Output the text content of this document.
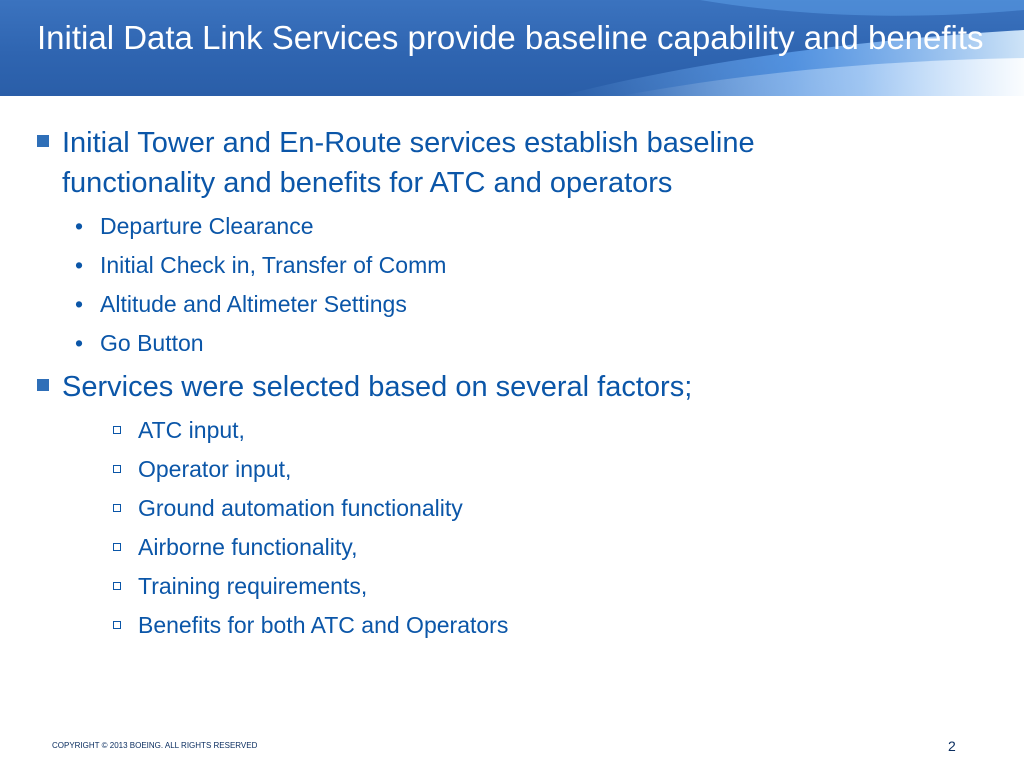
Initial Data Link Services provide baseline capability and benefits
Initial Tower and En-Route services establish baseline
functionality and benefits for ATC and operators
• Departure Clearance
• Initial Check in, Transfer of Comm
• Altitude and Altimeter Settings
• Go Button
Services were selected based on several factors;
ATC input,
Operator input,
Ground automation functionality
Airborne functionality,
Training requirements,
Benefits for both ATC and Operators
COPYRIGHT © 2013 BOEING. ALL RIGHTS RESERVED	2
